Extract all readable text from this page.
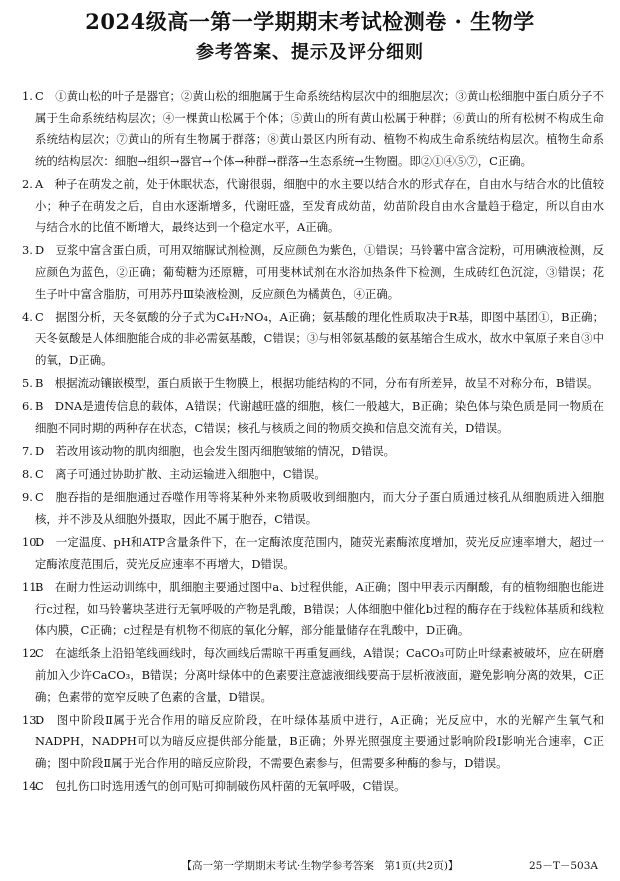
2024级高一第一学期期末考试检测卷 · 生物学
参考答案、提示及评分细则
1. C　①黄山松的叶子是器官；②黄山松的细胞属于生命系统结构层次中的细胞层次；③黄山松细胞中蛋白质分子不属于生命系统结构层次；④一棵黄山松属于个体；⑤黄山的所有黄山松属于种群；⑥黄山的所有松树不构成生命系统结构层次；⑦黄山的所有生物属于群落；⑧黄山景区内所有动、植物不构成生命系统结构层次。植物生命系统的结构层次：细胞→组织→器官→个体→种群→群落→生态系统→生物圈。即②①④⑤⑦，C正确。
2. A　种子在萌发之前，处于休眠状态，代谢很弱，细胞中的水主要以结合水的形式存在，自由水与结合水的比值较小；种子在萌发之后，自由水逐渐增多，代谢旺盛，至发育成幼苗，幼苗阶段自由水含量趋于稳定，所以自由水与结合水的比值不断增大，最终达到一个稳定水平，A正确。
3. D　豆浆中富含蛋白质，可用双缩脲试剂检测，反应颜色为紫色，①错误；马铃薯中富含淀粉，可用碘液检测，反应颜色为蓝色，②正确；葡萄糖为还原糖，可用斐林试剂在水浴加热条件下检测，生成砖红色沉淀，③错误；花生子叶中富含脂肪，可用苏丹Ⅲ染液检测，反应颜色为橘黄色，④正确。
4. C　据图分析，天冬氨酸的分子式为C₄H₇NO₄，A正确；氨基酸的理化性质取决于R基，即图中基团①，B正确；天冬氨酸是人体细胞能合成的非必需氨基酸，C错误；③与相邻氨基酸的氨基缩合生成水，故水中氧原子来自③中的氧，D正确。
5. B　根据流动镶嵌模型，蛋白质嵌于生物膜上，根据功能结构的不同，分布有所差异，故呈不对称分布，B错误。
6. B　DNA是遗传信息的载体，A错误；代谢越旺盛的细胞，核仁一般越大，B正确；染色体与染色质是同一物质在细胞不同时期的两种存在状态，C错误；核孔与核质之间的物质交换和信息交流有关，D错误。
7. D　若改用该动物的肌肉细胞，也会发生图丙细胞皱缩的情况，D错误。
8. C　离子可通过协助扩散、主动运输进入细胞中，C错误。
9. C　胞吞指的是细胞通过吞噬作用等将某种外来物质吸收到细胞内，而大分子蛋白质通过核孔从细胞质进入细胞核，并不涉及从细胞外摄取，因此不属于胞吞，C错误。
10.
D　一定温度、pH和ATP含量条件下，在一定酶浓度范围内，随荧光素酶浓度增加，荧光反应速率增大，超过一定酶浓度范围后，荧光反应速率不再增大，D错误。
11.
B　在耐力性运动训练中，肌细胞主要通过图中a、b过程供能，A正确；图中甲表示丙酮酸，有的植物细胞也能进行c过程，如马铃薯块茎进行无氧呼吸的产物是乳酸，B错误；人体细胞中催化b过程的酶存在于线粒体基质和线粒体内膜，C正确；c过程是有机物不彻底的氧化分解，部分能量储存在乳酸中，D正确。
12.
C　在滤纸条上沿铅笔线画线时，每次画线后需晾干再重复画线，A错误；CaCO₃可防止叶绿素被破坏，应在研磨前加入少许CaCO₃，B错误；分离叶绿体中的色素要注意滤液细线要高于层析液液面，避免影响分离的效果，C正确；色素带的宽窄反映了色素的含量，D错误。
13.
D　图中阶段Ⅱ属于光合作用的暗反应阶段，在叶绿体基质中进行，A正确；光反应中，水的光解产生氧气和NADPH，NADPH可以为暗反应提供部分能量，B正确；外界光照强度主要通过影响阶段Ⅰ影响光合速率，C正确；图中阶段Ⅱ属于光合作用的暗反应阶段，不需要色素参与，但需要多种酶的参与，D错误。
14.
C　包扎伤口时选用透气的创可贴可抑制破伤风杆菌的无氧呼吸，C错误。
【高一第一学期期末考试·生物学参考答案　第1页(共2页)】	25－T－503A
